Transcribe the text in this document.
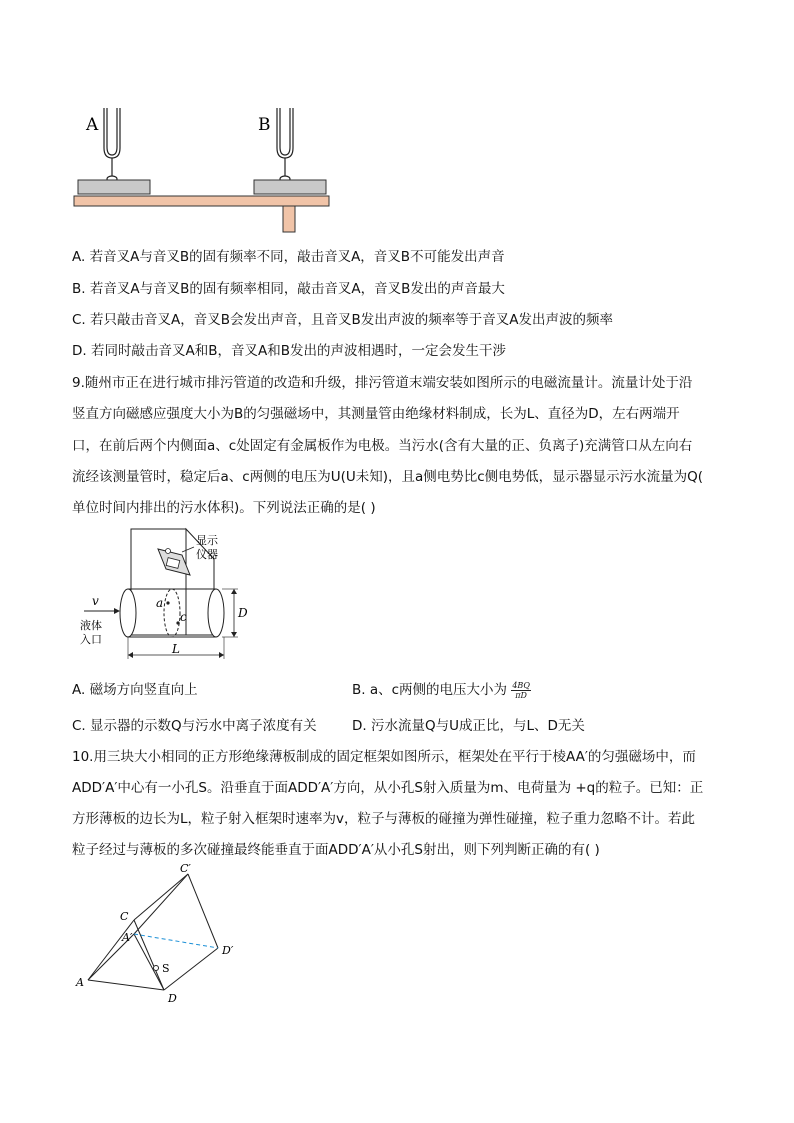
A	B
A. 若音叉A与音叉B的固有频率不同，敲击音叉A，音叉B不可能发出声音
B. 若音叉A与音叉B的固有频率相同，敲击音叉A，音叉B发出的声音最大
C. 若只敲击音叉A，音叉B会发出声音，且音叉B发出声波的频率等于音叉A发出声波的频率
D. 若同时敲击音叉A和B，音叉A和B发出的声波相遇时，一定会发生干涉
9.随州市正在进行城市排污管道的改造和升级，排污管道末端安装如图所示的电磁流量计。流量计处于沿
竖直方向磁感应强度大小为B的匀强磁场中，其测量管由绝缘材料制成，长为L、直径为D，左右两端开
口，在前后两个内侧面a、c处固定有金属板作为电极。当污水(含有大量的正、负离子)充满管口从左向右
流经该测量管时，稳定后a、c两侧的电压为U(U未知)，且a侧电势比c侧电势低，显示器显示污水流量为Q(
单位时间内排出的污水体积)。下列说法正确的是( )
显示
仪器
a
c
v
液体
入口
D
L
A. 磁场方向竖直向上	B. a、c两侧的电压大小为 $\frac{4BQ}{\pi D}$
C. 显示器的示数Q与污水中离子浓度有关	D. 污水流量Q与U成正比，与L、D无关
10.用三块大小相同的正方形绝缘薄板制成的固定框架如图所示，框架处在平行于棱AA′的匀强磁场中，而
ADD′A′中心有一小孔S。沿垂直于面ADD′A′方向，从小孔S射入质量为m、电荷量为 +q的粒子。已知：正
方形薄板的边长为L，粒子射入框架时速率为v，粒子与薄板的碰撞为弹性碰撞，粒子重力忽略不计。若此
粒子经过与薄板的多次碰撞最终能垂直于面ADD′A′从小孔S射出，则下列判断正确的有( )
A
C
A′
C′
D
D′
S
